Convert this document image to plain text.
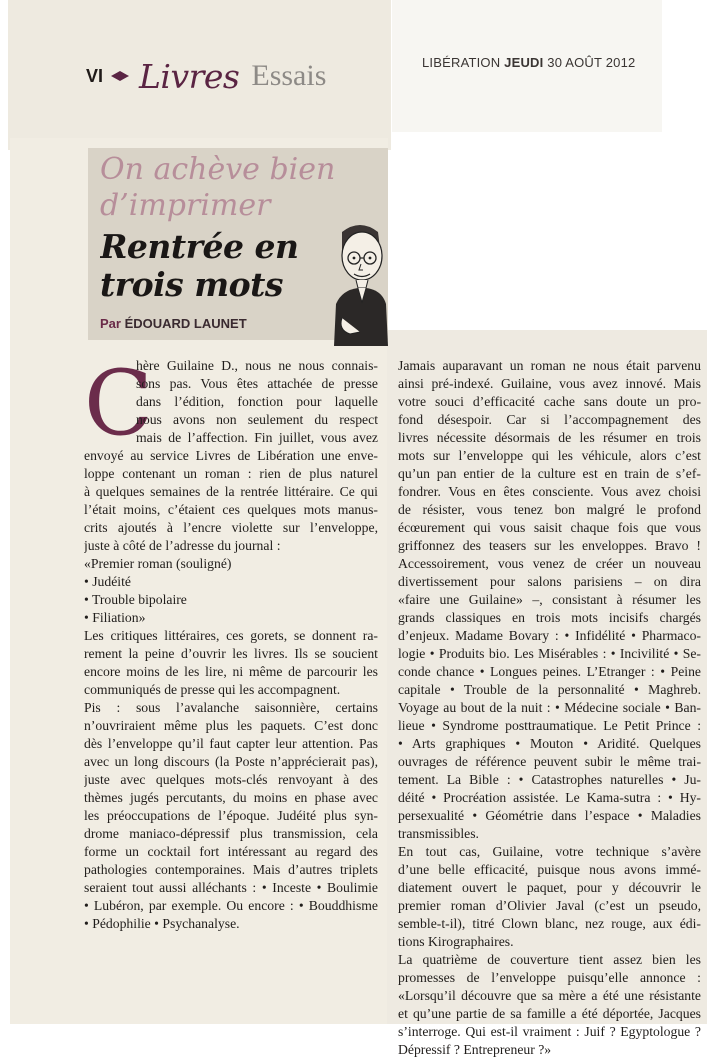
VI Livres Essais	LIBÉRATION JEUDI 30 AOÛT 2012
On achève bien
d’imprimer
Rentrée en
trois mots
Par ÉDOUARD LAUNET
C
hère Guilaine D., nous ne nous connais-
sons pas. Vous êtes attachée de presse
dans l’édition, fonction pour laquelle
nous avons non seulement du respect
mais de l’affection. Fin juillet, vous avez
envoyé au service Livres de Libération une enve-
loppe contenant un roman : rien de plus naturel
à quelques semaines de la rentrée littéraire. Ce qui
l’était moins, c’étaient ces quelques mots manus-
crits ajoutés à l’encre violette sur l’enveloppe,
juste à côté de l’adresse du journal :
«Premier roman (souligné)
• Judéité
• Trouble bipolaire
• Filiation»
Les critiques littéraires, ces gorets, se donnent ra-
rement la peine d’ouvrir les livres. Ils se soucient
encore moins de les lire, ni même de parcourir les
communiqués de presse qui les accompagnent.
Pis : sous l’avalanche saisonnière, certains
n’ouvriraient même plus les paquets. C’est donc
dès l’enveloppe qu’il faut capter leur attention. Pas
avec un long discours (la Poste n’apprécierait pas),
juste avec quelques mots-clés renvoyant à des
thèmes jugés percutants, du moins en phase avec
les préoccupations de l’époque. Judéité plus syn-
drome maniaco-dépressif plus transmission, cela
forme un cocktail fort intéressant au regard des
pathologies contemporaines. Mais d’autres triplets
seraient tout aussi alléchants : • Inceste • Boulimie
• Lubéron, par exemple. Ou encore : • Bouddhisme
• Pédophilie • Psychanalyse.
Jamais auparavant un roman ne nous était parvenu
ainsi pré-indexé. Guilaine, vous avez innové. Mais
votre souci d’efficacité cache sans doute un pro-
fond désespoir. Car si l’accompagnement des
livres nécessite désormais de les résumer en trois
mots sur l’enveloppe qui les véhicule, alors c’est
qu’un pan entier de la culture est en train de s’ef-
fondrer. Vous en êtes consciente. Vous avez choisi
de résister, vous tenez bon malgré le profond
écœurement qui vous saisit chaque fois que vous
griffonnez des teasers sur les enveloppes. Bravo !
Accessoirement, vous venez de créer un nouveau
divertissement pour salons parisiens – on dira
«faire une Guilaine» –, consistant à résumer les
grands classiques en trois mots incisifs chargés
d’enjeux. Madame Bovary : • Infidélité • Pharmaco-
logie • Produits bio. Les Misérables : • Incivilité • Se-
conde chance • Longues peines. L’Etranger : • Peine
capitale • Trouble de la personnalité • Maghreb.
Voyage au bout de la nuit : • Médecine sociale • Ban-
lieue • Syndrome posttraumatique. Le Petit Prince :
• Arts graphiques • Mouton • Aridité. Quelques
ouvrages de référence peuvent subir le même trai-
tement. La Bible : • Catastrophes naturelles • Ju-
déité • Procréation assistée. Le Kama-sutra : • Hy-
persexualité • Géométrie dans l’espace • Maladies
transmissibles.
En tout cas, Guilaine, votre technique s’avère
d’une belle efficacité, puisque nous avons immé-
diatement ouvert le paquet, pour y découvrir le
premier roman d’Olivier Javal (c’est un pseudo,
semble-t-il), titré Clown blanc, nez rouge, aux édi-
tions Kirographaires.
La quatrième de couverture tient assez bien les
promesses de l’enveloppe puisqu’elle annonce :
«Lorsqu’il découvre que sa mère a été une résistante
et qu’une partie de sa famille a été déportée, Jacques
s’interroge. Qui est-il vraiment : Juif ? Egyptologue ?
Dépressif ? Entrepreneur ?»
